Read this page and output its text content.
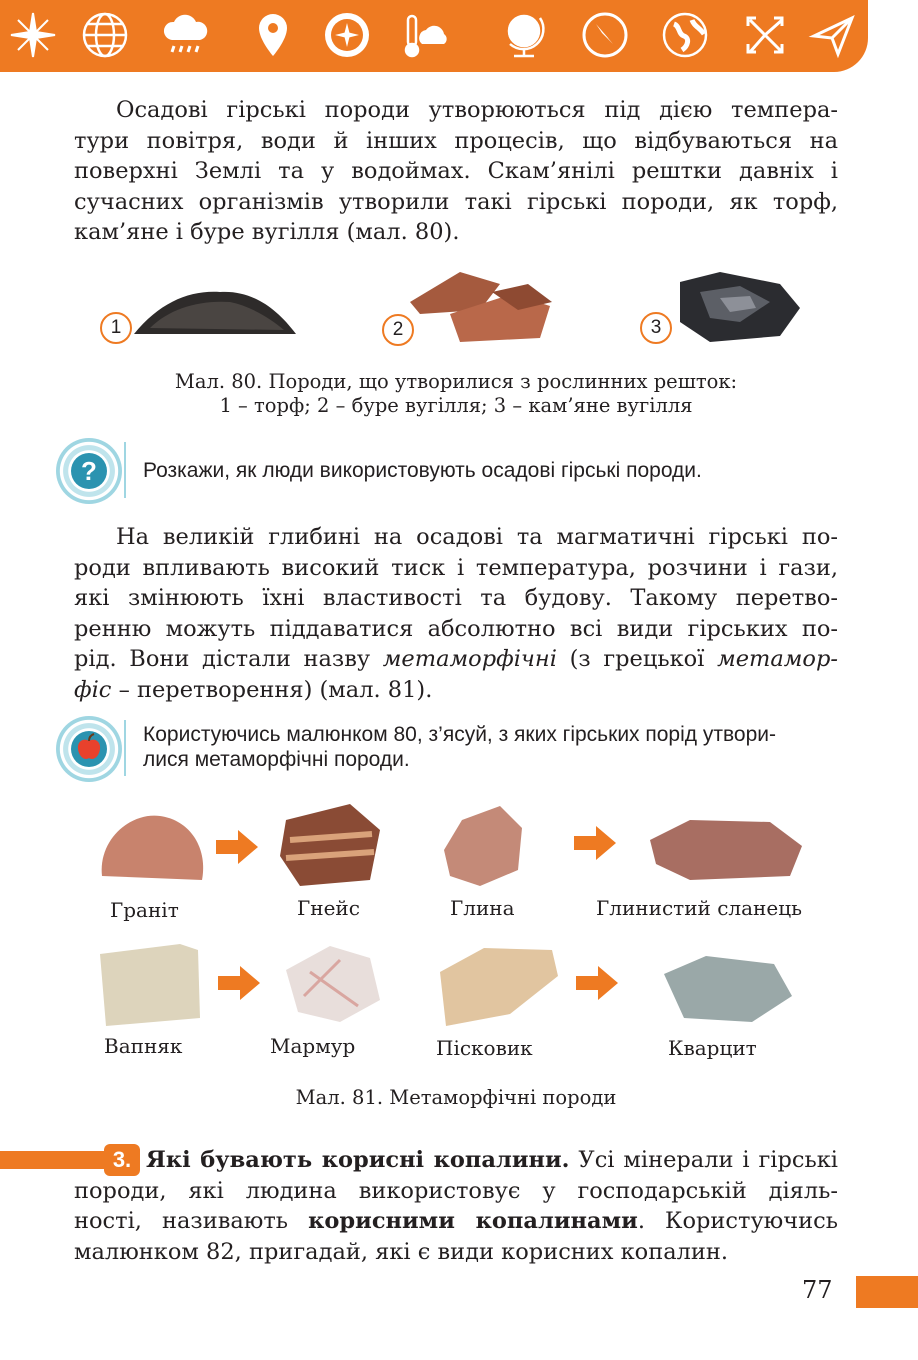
Осадові гірські породи утворюються під дією темпера-
тури повітря, води й інших процесів, що відбуваються на
поверхні Землі та у водоймах. Скам’янілі рештки давніх і
сучасних організмів утворили такі гірські породи, як торф,
кам’яне і буре вугілля (мал. 80).
1	2	3
Мал. 80. Породи, що утворилися з рослинних решток:
1 – торф; 2 – буре вугілля; 3 – кам’яне вугілля
? Розкажи, як люди використовують осадові гірські породи.
На великій глибині на осадові та магматичні гірські по-
роди впливають високий тиск і температура, розчини і гази,
які змінюють їхні властивості та будову. Такому перетво-
ренню можуть піддаватися абсолютно всі види гірських по-
рід. Вони дістали назву метаморфічні (з грецької метамор-
фіс – перетворення) (мал. 81).
Користуючись малюнком 80, з’ясуй, з яких гірських порід утвори-
лися метаморфічні породи.
Граніт	Гнейс	Глина	Глинистий сланець
Вапняк	Мармур	Пісковик	Кварцит
Мал. 81. Метаморфічні породи
3. Які бувають корисні копалини. Усі мінерали і гірські
породи, які людина використовує у господарській діяль-
ності, називають корисними копалинами. Користуючись
малюнком 82, пригадай, які є види корисних копалин.
77
